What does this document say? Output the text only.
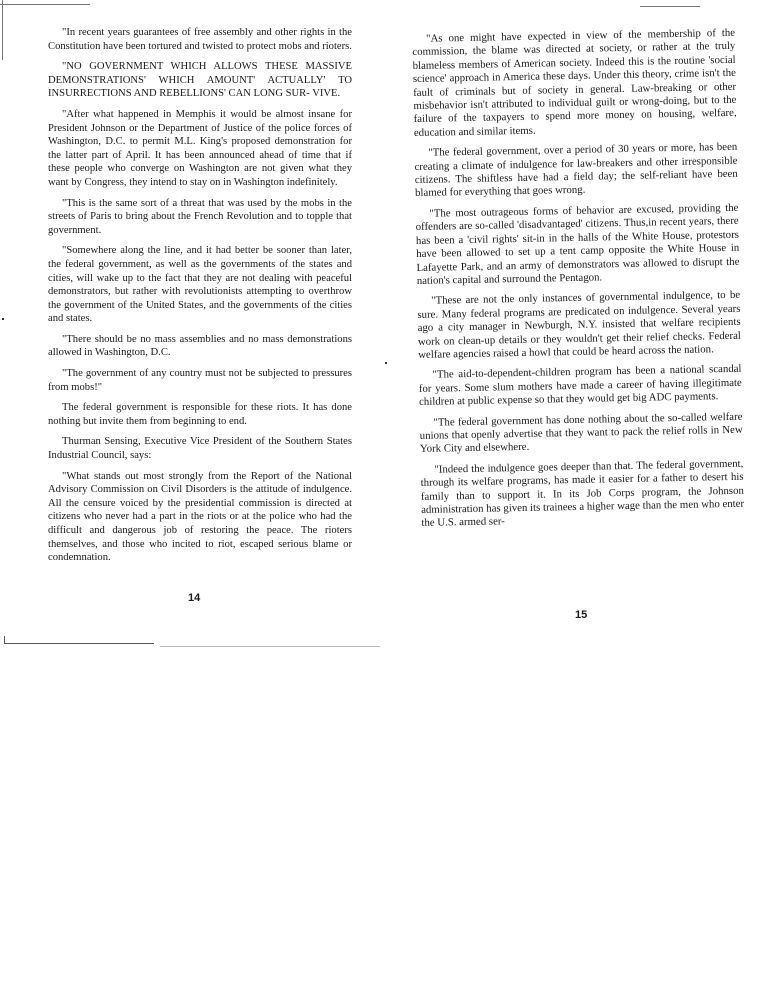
"In recent years guarantees of free assembly and other rights in the Constitution have been tortured and twisted to protect mobs and rioters.

"NO GOVERNMENT WHICH ALLOWS THESE MASSIVE DEMONSTRATIONS' WHICH AMOUNT' ACTUALLY' TO INSURRECTIONS AND REBELLIONS' CAN LONG SUR- VIVE.

"After what happened in Memphis it would be almost insane for President Johnson or the Department of Justice of the police forces of Washington, D.C. to permit M.L. King's proposed demonstration for the latter part of April. It has been announced ahead of time that if these people who converge on Washington are not given what they want by Congress, they intend to stay on in Washington indefinitely.

"This is the same sort of a threat that was used by the mobs in the streets of Paris to bring about the French Revolution and to topple that government.

"Somewhere along the line, and it had better be sooner than later, the federal government, as well as the governments of the states and cities, will wake up to the fact that they are not dealing with peaceful demonstrators, but rather with revolutionists attempting to overthrow the government of the United States, and the governments of the cities and states.

"There should be no mass assemblies and no mass demonstrations allowed in Washington, D.C.

"The government of any country must not be subjected to pressures from mobs!"

The federal government is responsible for these riots. It has done nothing but invite them from beginning to end.

Thurman Sensing, Executive Vice President of the Southern States Industrial Council, says:

"What stands out most strongly from the Report of the National Advisory Commission on Civil Disorders is the attitude of indulgence. All the censure voiced by the presidential commission is directed at citizens who never had a part in the riots or at the police who had the difficult and dangerous job of restoring the peace. The rioters themselves, and those who incited to riot, escaped serious blame or condemnation.

14

"As one might have expected in view of the membership of the commission, the blame was directed at society, or rather at the truly blameless members of American society. Indeed this is the routine 'social science' approach in America these days. Under this theory, crime isn't the fault of criminals but of society in general. Law-breaking or other misbehavior isn't attributed to individual guilt or wrong-doing, but to the failure of the taxpayers to spend more money on housing, welfare, education and similar items.

"The federal government, over a period of 30 years or more, has been creating a climate of indulgence for law-breakers and other irresponsible citizens. The shiftless have had a field day; the self-reliant have been blamed for everything that goes wrong.

"The most outrageous forms of behavior are excused, providing the offenders are so-called 'disadvantaged' citizens. Thus,in recent years, there has been a 'civil rights' sit-in in the halls of the White House, protestors have been allowed to set up a tent camp opposite the White House in Lafayette Park, and an army of demonstrators was allowed to disrupt the nation's capital and surround the Pentagon.

"These are not the only instances of governmental indulgence, to be sure. Many federal programs are predicated on indulgence. Several years ago a city manager in Newburgh, N.Y. insisted that welfare recipients work on clean-up details or they wouldn't get their relief checks. Federal welfare agencies raised a howl that could be heard across the nation.

"The aid-to-dependent-children program has been a national scandal for years. Some slum mothers have made a career of having illegitimate children at public expense so that they would get big ADC payments.

"The federal government has done nothing about the so-called welfare unions that openly advertise that they want to pack the relief rolls in New York City and elsewhere.

"Indeed the indulgence goes deeper than that. The federal government, through its welfare programs, has made it easier for a father to desert his family than to support it. In its Job Corps program, the Johnson administration has given its trainees a higher wage than the men who enter the U.S. armed ser-

15
